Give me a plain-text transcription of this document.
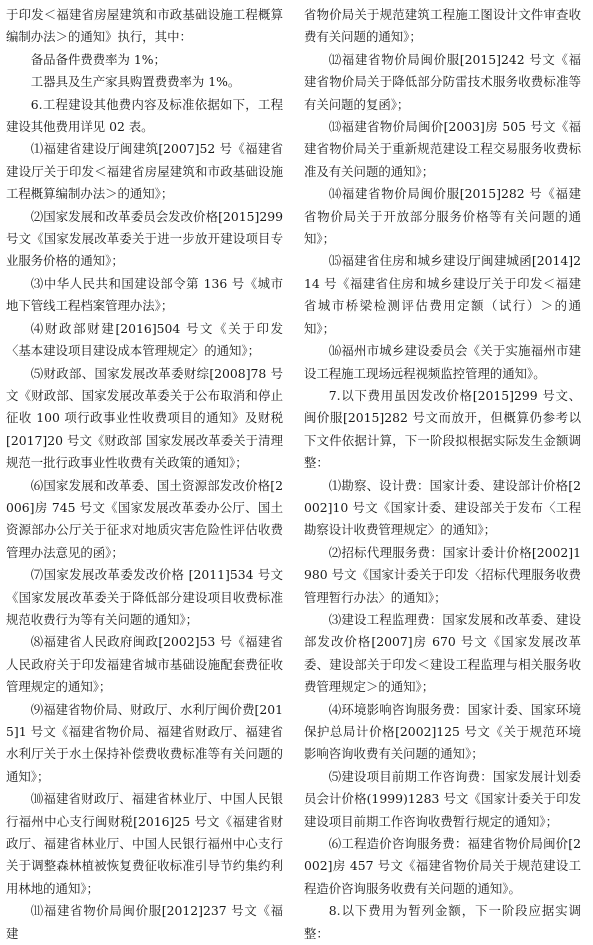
于印发＜福建省房屋建筑和市政基础设施工程概算编制办法＞的通知》执行，其中：

备品备件费费率为 1%；

工器具及生产家具购置费费率为 1%。

6.工程建设其他费内容及标准依据如下，工程建设其他费用详见 02 表。

⑴福建省建设厅闽建筑[2007]52 号《福建省建设厅关于印发＜福建省房屋建筑和市政基础设施工程概算编制办法＞的通知》；

⑵国家发展和改革委员会发改价格[2015]299 号文《国家发展改革委关于进一步放开建设项目专业服务价格的通知》；

⑶中华人民共和国建设部令第 136 号《城市地下管线工程档案管理办法》；

⑷财政部财建[2016]504 号文《关于印发〈基本建设项目建设成本管理规定〉的通知》；

⑸财政部、国家发展改革委财综[2008]78 号文《财政部、国家发展改革委关于公布取消和停止征收 100 项行政事业性收费项目的通知》及财税[2017]20 号文《财政部 国家发展改革委关于清理规范一批行政事业性收费有关政策的通知》；

⑹国家发展和改革委、国土资源部发改价格[2006]房 745 号文《国家发展改革委办公厅、国土资源部办公厅关于征求对地质灾害危险性评估收费管理办法意见的函》；

⑺国家发展改革委发改价格 [2011]534 号文《国家发展改革委关于降低部分建设项目收费标准规范收费行为等有关问题的通知》；

⑻福建省人民政府闽政[2002]53 号《福建省人民政府关于印发福建省城市基础设施配套费征收管理规定的通知》；

⑼福建省物价局、财政厅、水利厅闽价费[2015]1 号文《福建省物价局、福建省财政厅、福建省水利厅关于水土保持补偿费收费标准等有关问题的通知》；

⑽福建省财政厅、福建省林业厅、中国人民银行福州中心支行闽财税[2016]25 号文《福建省财政厅、福建省林业厅、中国人民银行福州中心支行关于调整森林植被恢复费征收标准引导节约集约利用林地的通知》；

⑾福建省物价局闽价服[2012]237 号文《福建

省物价局关于规范建筑工程施工图设计文件审查收费有关问题的通知》；

⑿福建省物价局闽价服[2015]242 号文《福建省物价局关于降低部分防雷技术服务收费标准等有关问题的复函》；

⒀福建省物价局闽价[2003]房 505 号文《福建省物价局关于重新规范建设工程交易服务收费标准及有关问题的通知》；

⒁福建省物价局闽价服[2015]282 号《福建省物价局关于开放部分服务价格等有关问题的通知》；

⒂福建省住房和城乡建设厅闽建城函[2014]214 号《福建省住房和城乡建设厅关于印发＜福建省城市桥梁检测评估费用定额（试行）＞的通知》；

⒃福州市城乡建设委员会《关于实施福州市建设工程施工现场远程视频监控管理的通知》。

7.以下费用虽因发改价格[2015]299 号文、闽价服[2015]282 号文而放开，但概算仍参考以下文件依据计算，下一阶段拟根据实际发生金额调整：

⑴勘察、设计费：国家计委、建设部计价格[2002]10 号文《国家计委、建设部关于发布〈工程勘察设计收费管理规定〉的通知》；

⑵招标代理服务费：国家计委计价格[2002]1980 号文《国家计委关于印发〈招标代理服务收费管理暂行办法〉的通知》；

⑶建设工程监理费：国家发展和改革委、建设部发改价格[2007]房 670 号文《国家发展改革委、建设部关于印发＜建设工程监理与相关服务收费管理规定＞的通知》；

⑷环境影响咨询服务费：国家计委、国家环境保护总局计价格[2002]125 号文《关于规范环境影响咨询收费有关问题的通知》；

⑸建设项目前期工作咨询费：国家发展计划委员会计价格(1999)1283 号文《国家计委关于印发建设项目前期工作咨询收费暂行规定的通知》；

⑹工程造价咨询服务费：福建省物价局闽价[2002]房 457 号文《福建省物价局关于规范建设工程造价咨询服务收费有关问题的通知》。

8.以下费用为暂列金额，下一阶段应据实调整：
